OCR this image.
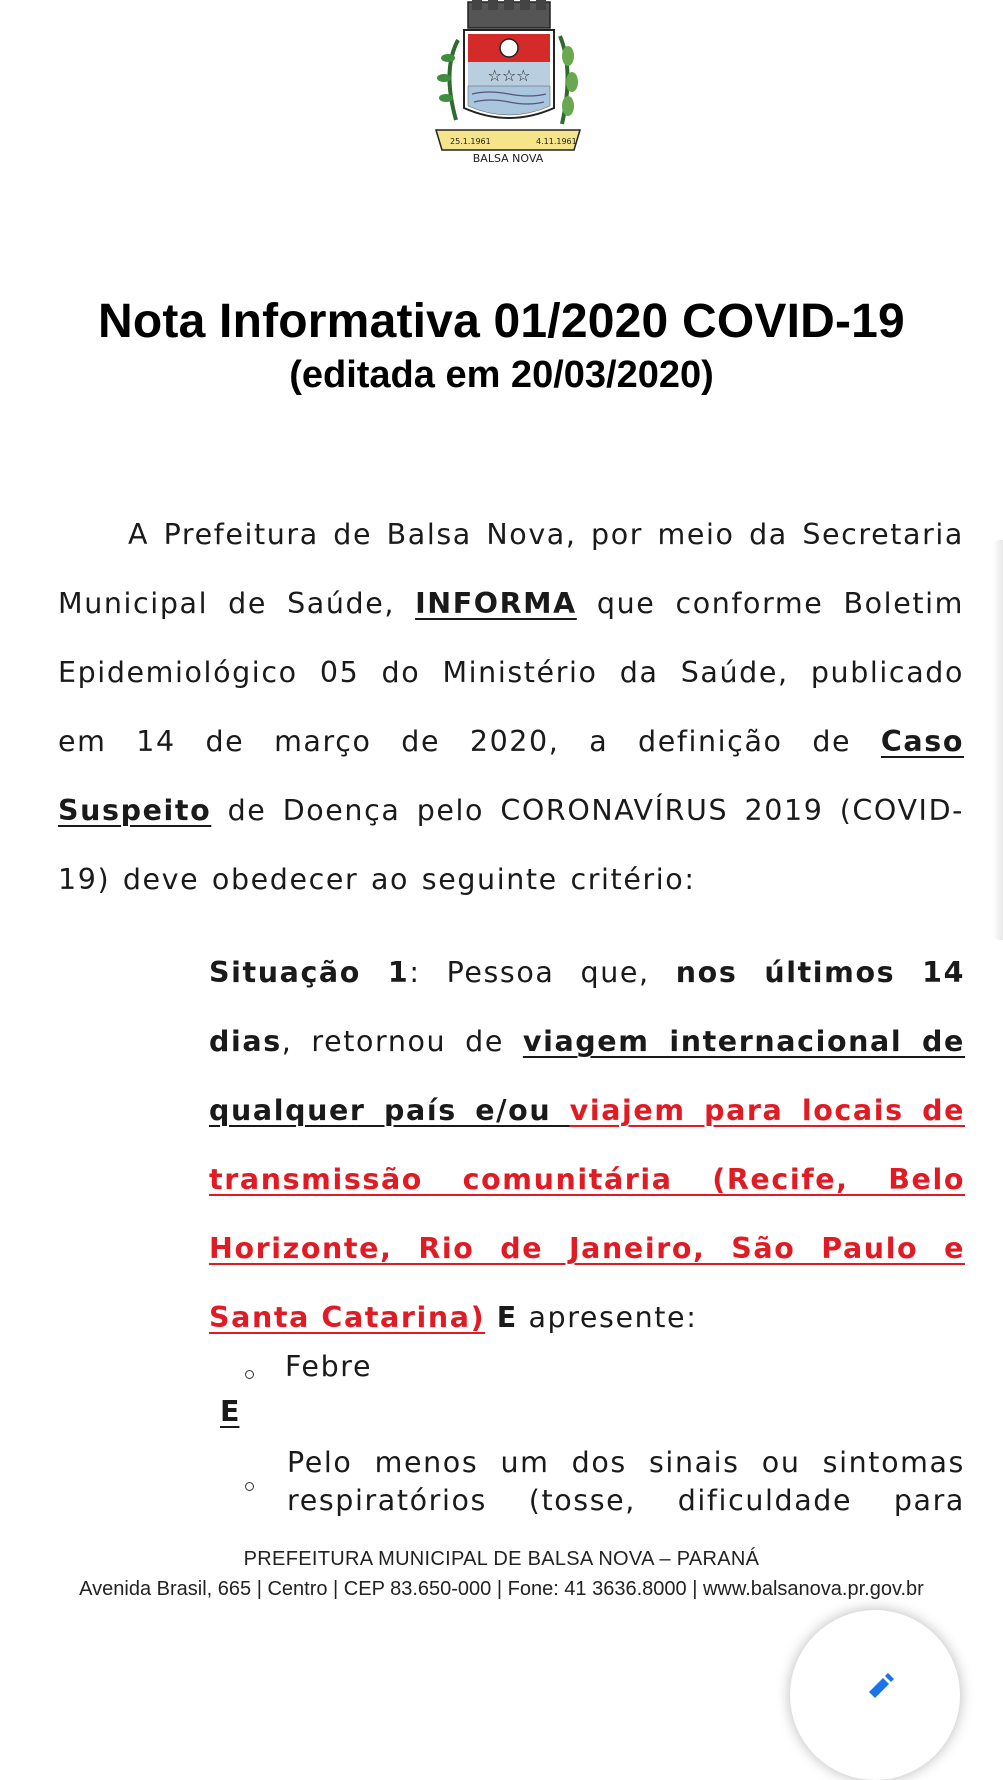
☆☆☆
25.1.1961	4.11.1961
BALSA NOVA
Nota Informativa 01/2020 COVID-19
(editada em 20/03/2020)
A Prefeitura de Balsa Nova, por meio da Secretaria Municipal de Saúde, INFORMA que conforme Boletim Epidemiológico 05 do Ministério da Saúde, publicado em 14 de março de 2020, a definição de Caso Suspeito de Doença pelo CORONAVÍRUS 2019 (COVID-19) deve obedecer ao seguinte critério:
Situação 1: Pessoa que, nos últimos 14 dias, retornou de viagem internacional de qualquer país e/ou viajem para locais de transmissão comunitária (Recife, Belo Horizonte, Rio de Janeiro, São Paulo e Santa Catarina) E apresente:
Febre
E
Pelo menos um dos sinais ou sintomas respiratórios (tosse, dificuldade para
PREFEITURA MUNICIPAL DE BALSA NOVA – PARANÁ
Avenida Brasil, 665 | Centro | CEP 83.650-000 | Fone: 41 3636.8000 | www.balsanova.pr.gov.br
